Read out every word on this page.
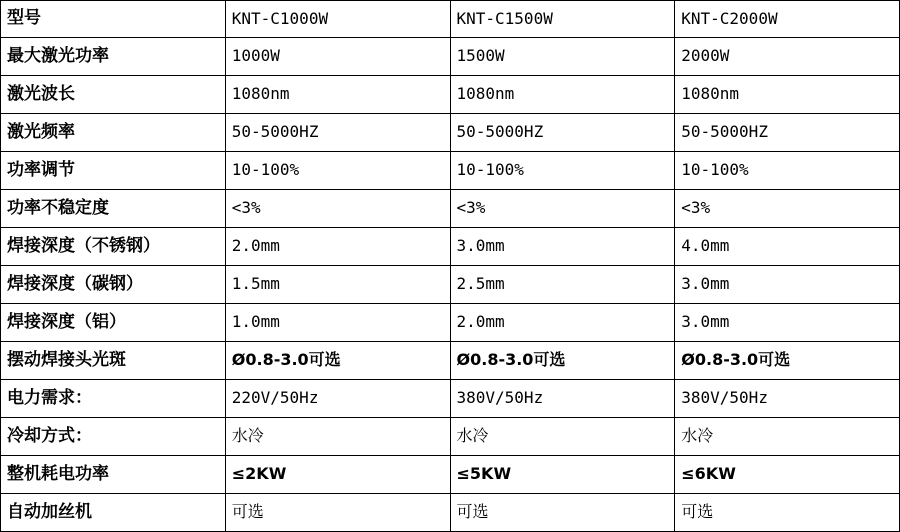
型号	KNT-C1000W	KNT-C1500W	KNT-C2000W
最大激光功率	1000W	1500W	2000W
激光波长	1080nm	1080nm	1080nm
激光频率	50-5000HZ	50-5000HZ	50-5000HZ
功率调节	10-100%	10-100%	10-100%
功率不稳定度	<3%	<3%	<3%
焊接深度（不锈钢）	2.0mm	3.0mm	4.0mm
焊接深度（碳钢）	1.5mm	2.5mm	3.0mm
焊接深度（铝）	1.0mm	2.0mm	3.0mm
摆动焊接头光斑	Ø0.8-3.0可选	Ø0.8-3.0可选	Ø0.8-3.0可选
电力需求：	220V/50Hz	380V/50Hz	380V/50Hz
冷却方式：	水冷	水冷	水冷
整机耗电功率	≤2KW	≤5KW	≤6KW
自动加丝机	可选	可选	可选
